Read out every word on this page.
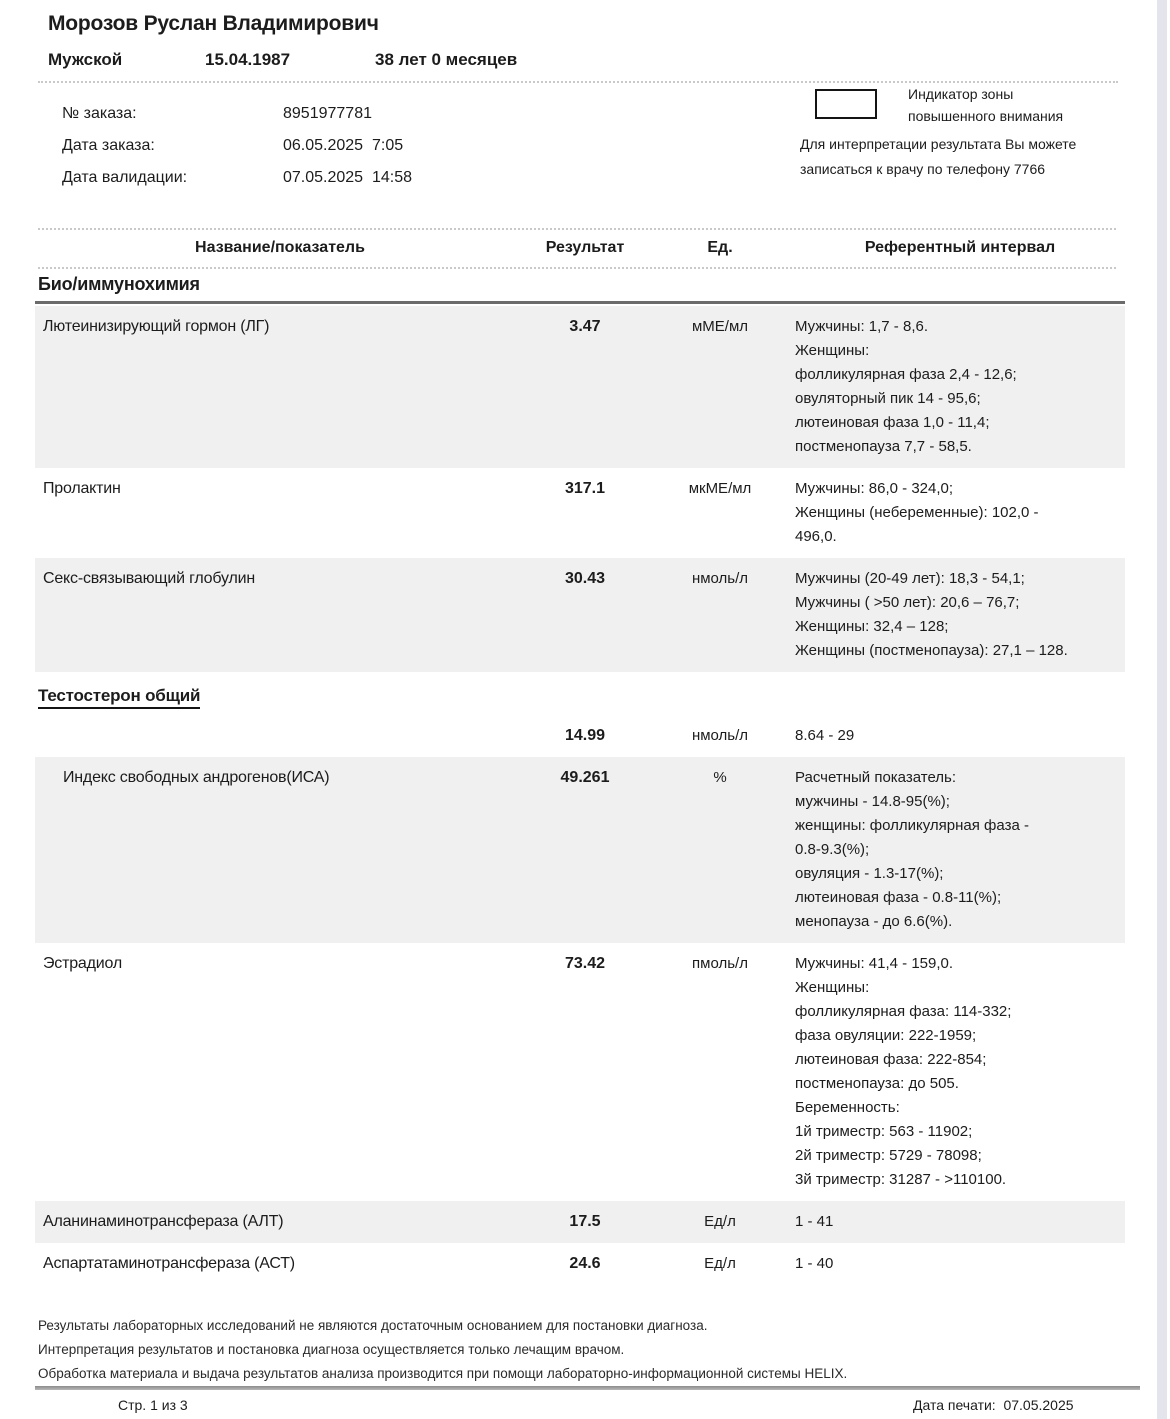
Морозов Руслан Владимирович
Мужской	15.04.1987	38 лет 0 месяцев
№ заказа:	8951977781
Дата заказа:	06.05.2025  7:05
Дата валидации:	07.05.2025  14:58
Индикатор зоны
повышенного внимания
Для интерпретации результата Вы можете
записаться к врачу по телефону 7766
Название/показатель	Результат	Ед.	Референтный интервал
Био/иммунохимия
Лютеинизирующий гормон (ЛГ)	3.47	мМЕ/мл	Мужчины: 1,7 - 8,6.
Женщины:
фолликулярная фаза 2,4 - 12,6;
овуляторный пик 14 - 95,6;
лютеиновая фаза 1,0 - 11,4;
постменопауза 7,7 - 58,5.
Пролактин	317.1	мкМЕ/мл	Мужчины: 86,0 - 324,0;
Женщины (небеременные): 102,0 -
496,0.
Секс-связывающий глобулин	30.43	нмоль/л	Мужчины (20-49 лет): 18,3 - 54,1;
Мужчины ( >50 лет): 20,6 – 76,7;
Женщины: 32,4 – 128;
Женщины (постменопауза): 27,1 – 128.
Тестостерон общий
14.99	нмоль/л	8.64 - 29
Индекс свободных андрогенов(ИСА)	49.261	%	Расчетный показатель:
мужчины - 14.8-95(%);
женщины: фолликулярная фаза -
0.8-9.3(%);
овуляция - 1.3-17(%);
лютеиновая фаза - 0.8-11(%);
менопауза - до 6.6(%).
Эстрадиол	73.42	пмоль/л	Мужчины: 41,4 - 159,0.
Женщины:
фолликулярная фаза: 114-332;
фаза овуляции: 222-1959;
лютеиновая фаза: 222-854;
постменопауза: до 505.
Беременность:
1й триместр: 563 - 11902;
2й триместр: 5729 - 78098;
3й триместр: 31287 - >110100.
Аланинаминотрансфераза (АЛТ)	17.5	Ед/л	1 - 41
Аспартатаминотрансфераза (АСТ)	24.6	Ед/л	1 - 40
Результаты лабораторных исследований не являются достаточным основанием для постановки диагноза.
Интерпретация результатов и постановка диагноза осуществляется только лечащим врачом.
Обработка материала и выдача результатов анализа производится при помощи лабораторно-информационной системы HELIX.
Стр. 1 из 3	Дата печати:  07.05.2025
